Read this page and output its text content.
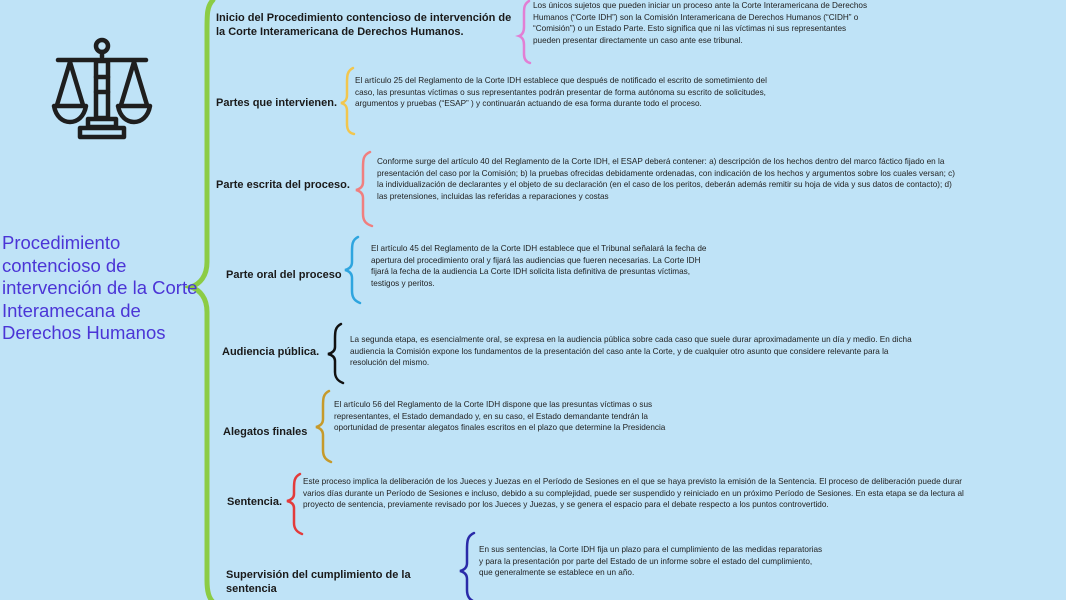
Procedimiento contencioso de intervención de la Corte Interamecana de Derechos Humanos
Inicio del Procedimiento contencioso de intervención de la Corte Interamericana de Derechos Humanos.
Los únicos sujetos que pueden iniciar un proceso ante la Corte Interamericana de Derechos Humanos (“Corte IDH”) son la Comisión Interamericana de Derechos Humanos (“CIDH” o “Comisión”) o un Estado Parte. Esto significa que ni las víctimas ni sus representantes pueden presentar directamente un caso ante ese tribunal.
Partes que intervienen.
El artículo 25 del Reglamento de la Corte IDH establece que después de notificado el escrito de sometimiento del caso, las presuntas víctimas o sus representantes podrán presentar de forma autónoma su escrito de solicitudes, argumentos y pruebas (“ESAP” ) y continuarán actuando de esa forma durante todo el proceso.
Parte escrita del proceso.
Conforme surge del artículo 40 del Reglamento de la Corte IDH, el ESAP deberá contener: a) descripción de los hechos dentro del marco fáctico fijado en la presentación del caso por la Comisión; b) la pruebas ofrecidas debidamente ordenadas, con indicación de los hechos y argumentos sobre los cuales versan; c) la individualización de declarantes y el objeto de su declaración (en el caso de los peritos, deberán además remitir su hoja de vida y sus datos de contacto); d) las pretensiones, incluidas las referidas a reparaciones y costas
Parte oral del proceso
El artículo 45 del Reglamento de la Corte IDH establece que el Tribunal señalará la fecha de apertura del procedimiento oral y fijará las audiencias que fueren necesarias. La Corte IDH fijará la fecha de la audiencia La Corte IDH solicita lista definitiva de presuntas víctimas, testigos y peritos.
Audiencia pública.
La segunda etapa, es esencialmente oral, se expresa en la audiencia pública sobre cada caso que suele durar aproximadamente un día y medio. En dicha audiencia la Comisión expone los fundamentos de la presentación del caso ante la Corte, y de cualquier otro asunto que considere relevante para la resolución del mismo.
Alegatos finales
El artículo 56 del Reglamento de la Corte IDH dispone que las presuntas víctimas o sus representantes, el Estado demandado y, en su caso, el Estado demandante tendrán la oportunidad de presentar alegatos finales escritos en el plazo que determine la Presidencia
Sentencia.
Este proceso implica la deliberación de los Jueces y Juezas en el Período de Sesiones en el que se haya previsto la emisión de la Sentencia. El proceso de deliberación puede durar varios días durante un Período de Sesiones e incluso, debido a su complejidad, puede ser suspendido y reiniciado en un próximo Período de Sesiones. En esta etapa se da lectura al proyecto de sentencia, previamente revisado por los Jueces y Juezas, y se genera el espacio para el debate respecto a los puntos controvertido.
Supervisión del cumplimiento de la sentencia
En sus sentencias, la Corte IDH fija un plazo para el cumplimiento de las medidas reparatorias y para la presentación por parte del Estado de un informe sobre el estado del cumplimiento, que generalmente se establece en un año.
